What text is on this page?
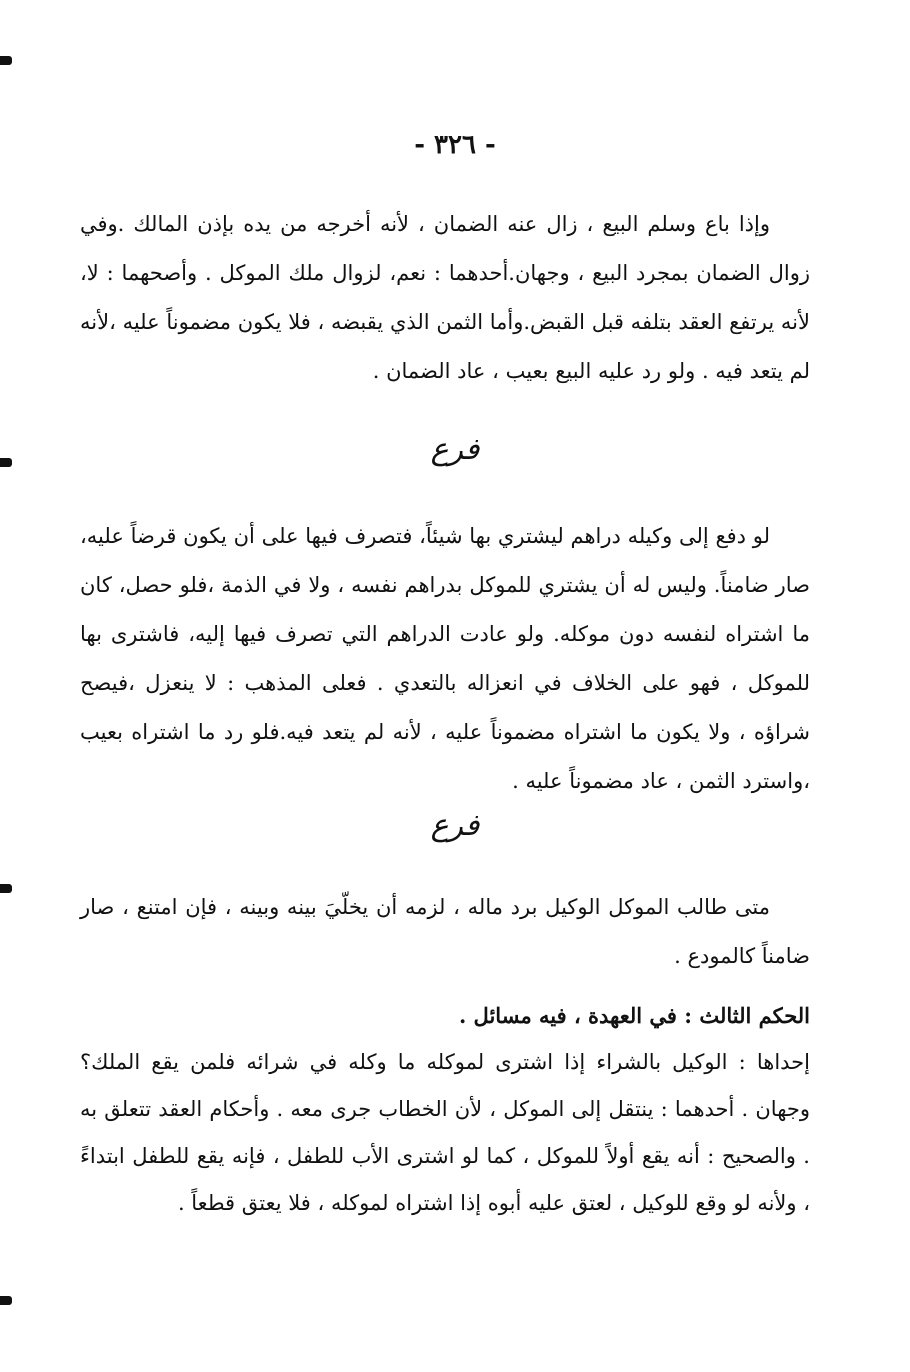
- ٣٢٦ -

وإذا باع وسلم البيع ، زال عنه الضمان ، لأنه أخرجه من يده بإذن المالك .وفي زوال الضمان بمجرد البيع ، وجهان.أحدهما : نعم، لزوال ملك الموكل . وأصحهما : لا، لأنه يرتفع العقد بتلفه قبل القبض.وأما الثمن الذي يقبضه ، فلا يكون مضموناً عليه ،لأنه لم يتعد فيه . ولو رد عليه البيع بعيب ، عاد الضمان .

فرع

لو دفع إلى وكيله دراهم ليشتري بها شيئاً، فتصرف فيها على أن يكون قرضاً عليه، صار ضامناً. وليس له أن يشتري للموكل بدراهم نفسه ، ولا في الذمة ،فلو حصل، كان ما اشتراه لنفسه دون موكله. ولو عادت الدراهم التي تصرف فيها إليه، فاشترى بها للموكل ، فهو على الخلاف في انعزاله بالتعدي . فعلى المذهب : لا ينعزل ،فيصح شراؤه ، ولا يكون ما اشتراه مضموناً عليه ، لأنه لم يتعد فيه.فلو رد ما اشتراه بعيب ،واسترد الثمن ، عاد مضموناً عليه .

فرع

متى طالب الموكل الوكيل برد ماله ، لزمه أن يخلّيَ بينه وبينه ، فإن امتنع ، صار ضامناً كالمودع .

الحكم الثالث : في العهدة ، فيه مسائل .

إحداها : الوكيل بالشراء إذا اشترى لموكله ما وكله في شرائه فلمن يقع الملك؟ وجهان . أحدهما : ينتقل إلى الموكل ، لأن الخطاب جرى معه . وأحكام العقد تتعلق به . والصحيح : أنه يقع أولاً للموكل ، كما لو اشترى الأب للطفل ، فإنه يقع للطفل ابتداءً ، ولأنه لو وقع للوكيل ، لعتق عليه أبوه إذا اشتراه لموكله ، فلا يعتق قطعاً .
